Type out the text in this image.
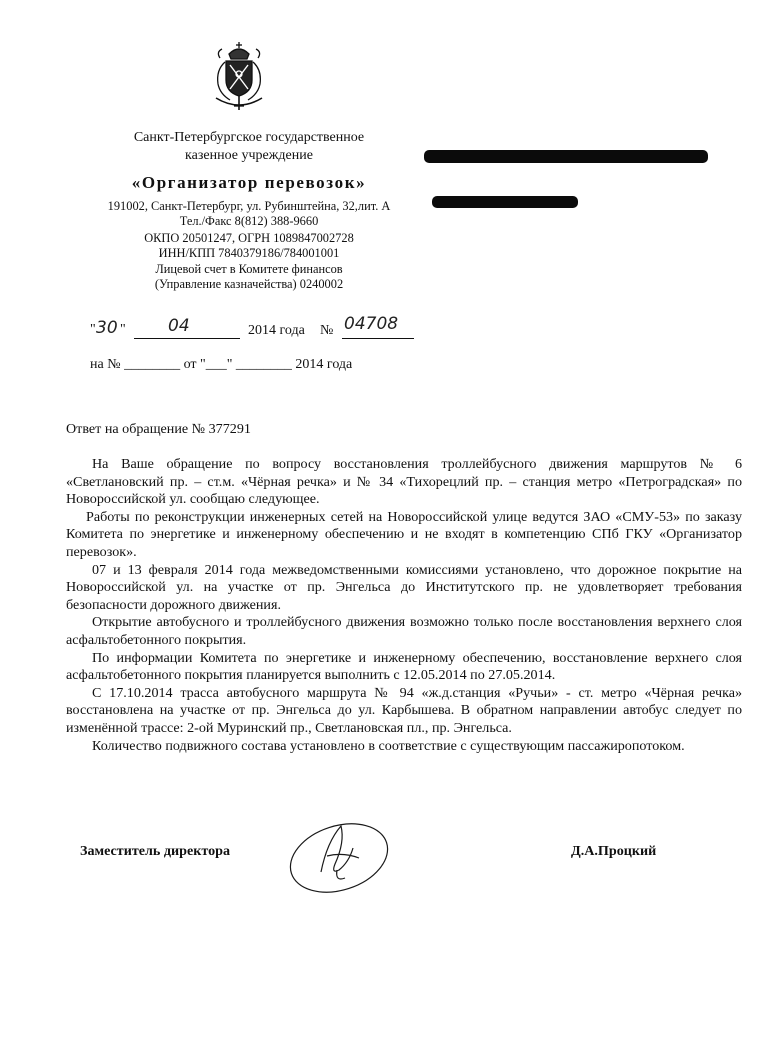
Санкт-Петербургское государственное
казенное учреждение
«Организатор перевозок»
191002, Санкт-Петербург, ул. Рубинштейна, 32,лит. А
Тел./Факс 8(812) 388-9660
ОКПО 20501247, ОГРН 1089847002728
ИНН/КПП 7840379186/784001001
Лицевой счет в Комитете финансов
(Управление казначейства) 0240002
" 30 " 04	2014 года № 04708
на № ________ от "___" ________ 2014 года
Ответ на обращение № 377291

На Ваше обращение по вопросу восстановления троллейбусного движения маршрутов № 6 «Светлановский пр. – ст.м. «Чёрная речка» и № 34 «Тихорецлий пр. – станция метро «Петроградская» по Новороссийской ул. сообщаю следующее.

Работы по реконструкции инженерных сетей на Новороссийской улице ведутся ЗАО «СМУ-53» по заказу Комитета по энергетике и инженерному обеспечению и не входят в компетенцию СПб ГКУ «Организатор перевозок».

07 и 13 февраля 2014 года межведомственными комиссиями установлено, что дорожное покрытие на Новороссийской ул. на участке от пр. Энгельса до Институтского пр. не удовлетворяет требования безопасности дорожного движения.

Открытие автобусного и троллейбусного движения возможно только после восстановления верхнего слоя асфальтобетонного покрытия.

По информации Комитета по энергетике и инженерному обеспечению, восстановление верхнего слоя асфальтобетонного покрытия планируется выполнить с 12.05.2014 по 27.05.2014.

С 17.10.2014 трасса автобусного маршрута № 94 «ж.д.станция «Ручьи» - ст. метро «Чёрная речка» восстановлена на участке от пр. Энгельса до ул. Карбышева. В обратном направлении автобус следует по изменённой трассе: 2-ой Муринский пр., Светлановская пл., пр. Энгельса.

Количество подвижного состава установлено в соответствие с существующим пассажиропотоком.

Заместитель директора	Д.А.Процкий
